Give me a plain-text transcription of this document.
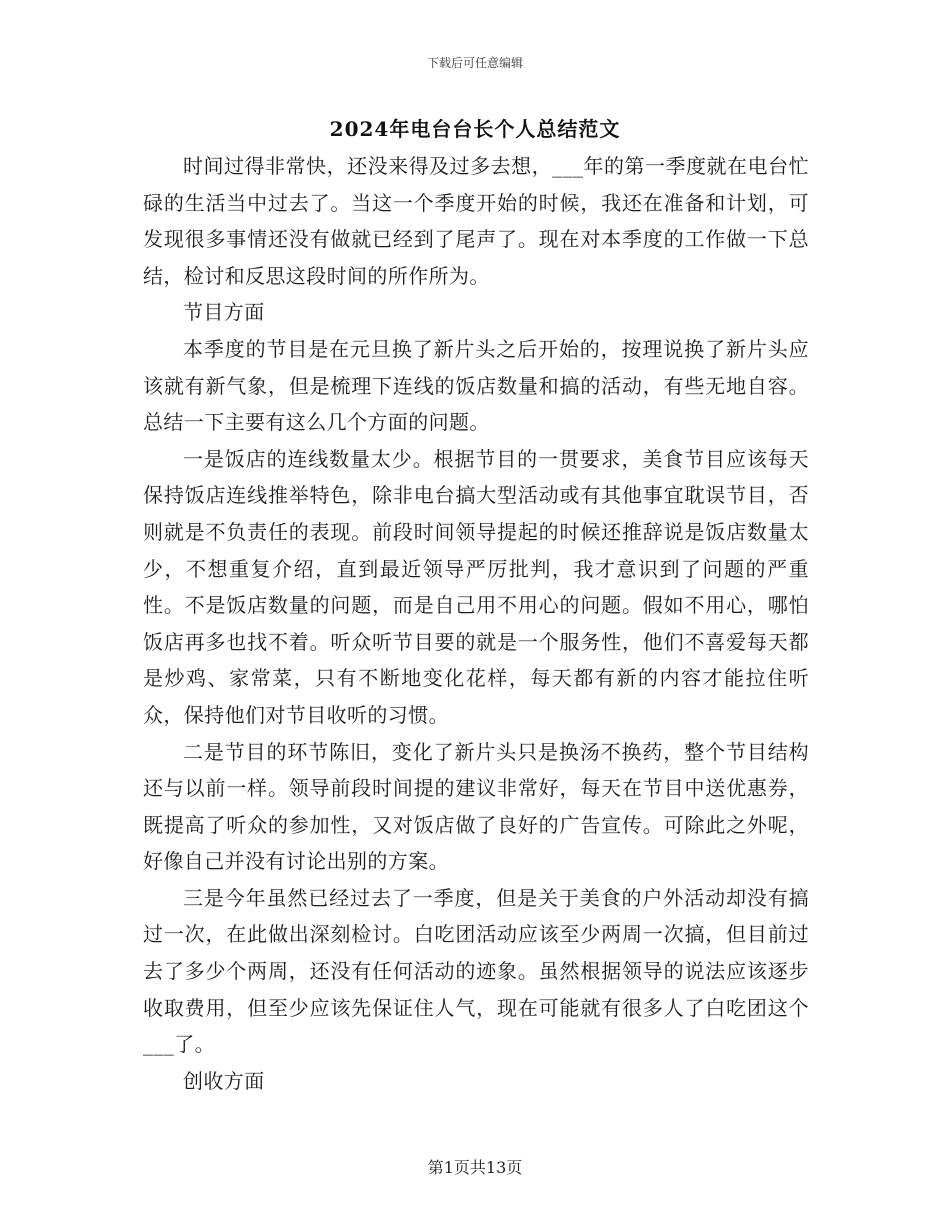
下载后可任意编辑
2024年电台台长个人总结范文

时间过得非常快，还没来得及过多去想，___年的第一季度就在电台忙碌的生活当中过去了。当这一个季度开始的时候，我还在准备和计划，可发现很多事情还没有做就已经到了尾声了。现在对本季度的工作做一下总结，检讨和反思这段时间的所作所为。

节目方面

本季度的节目是在元旦换了新片头之后开始的，按理说换了新片头应该就有新气象，但是梳理下连线的饭店数量和搞的活动，有些无地自容。总结一下主要有这么几个方面的问题。

一是饭店的连线数量太少。根据节目的一贯要求，美食节目应该每天保持饭店连线推举特色，除非电台搞大型活动或有其他事宜耽误节目，否则就是不负责任的表现。前段时间领导提起的时候还推辞说是饭店数量太少，不想重复介绍，直到最近领导严厉批判，我才意识到了问题的严重性。不是饭店数量的问题，而是自己用不用心的问题。假如不用心，哪怕饭店再多也找不着。听众听节目要的就是一个服务性，他们不喜爱每天都是炒鸡、家常菜，只有不断地变化花样，每天都有新的内容才能拉住听众，保持他们对节目收听的习惯。

二是节目的环节陈旧，变化了新片头只是换汤不换药，整个节目结构还与以前一样。领导前段时间提的建议非常好，每天在节目中送优惠券，既提高了听众的参加性，又对饭店做了良好的广告宣传。可除此之外呢，好像自己并没有讨论出别的方案。

三是今年虽然已经过去了一季度，但是关于美食的户外活动却没有搞过一次，在此做出深刻检讨。白吃团活动应该至少两周一次搞，但目前过去了多少个两周，还没有任何活动的迹象。虽然根据领导的说法应该逐步收取费用，但至少应该先保证住人气，现在可能就有很多人了白吃团这个___了。

创收方面

第1页共13页
